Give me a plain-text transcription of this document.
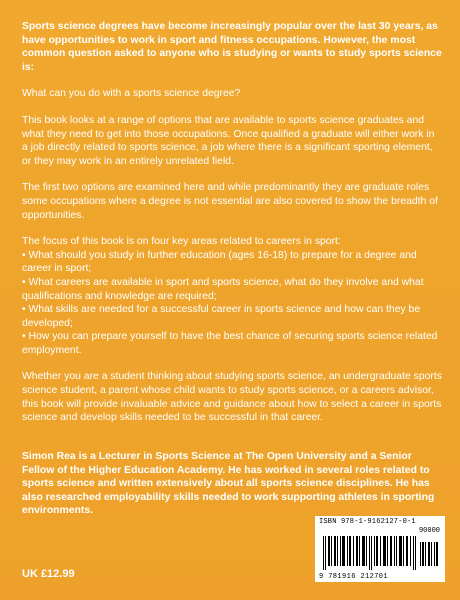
Sports science degrees have become increasingly popular over the last 30 years, as have opportunities to work in sport and fitness occupations. However, the most common question asked to anyone who is studying or wants to study sports science is:

What can you do with a sports science degree?

This book looks at a range of options that are available to sports science graduates and what they need to get into those occupations. Once qualified a graduate will either work in a job directly related to sports science, a job where there is a significant sporting element, or they may work in an entirely unrelated field.

The first two options are examined here and while predominantly they are graduate roles some occupations where a degree is not essential are also covered to show the breadth of opportunities.

The focus of this book is on four key areas related to careers in sport:
• What should you study in further education (ages 16-18) to prepare for a degree and career in sport;
• What careers are available in sport and sports science, what do they involve and what qualifications and knowledge are required;
• What skills are needed for a successful career in sports science and how can they be developed;
• How you can prepare yourself to have the best chance of securing sports science related employment.

Whether you are a student thinking about studying sports science, an undergraduate sports science student, a parent whose child wants to study sports science, or a careers advisor, this book will provide invaluable advice and guidance about how to select a career in sports science and develop skills needed to be successful in that career.

Simon Rea is a Lecturer in Sports Science at The Open University and a Senior Fellow of the Higher Education Academy. He has worked in several roles related to sports science and written extensively about all sports science disciplines. He has also researched employability skills needed to work supporting athletes in sporting environments.

UK £12.99
ISBN 978-1-9162127-0-1
90000
9 781916 212701
